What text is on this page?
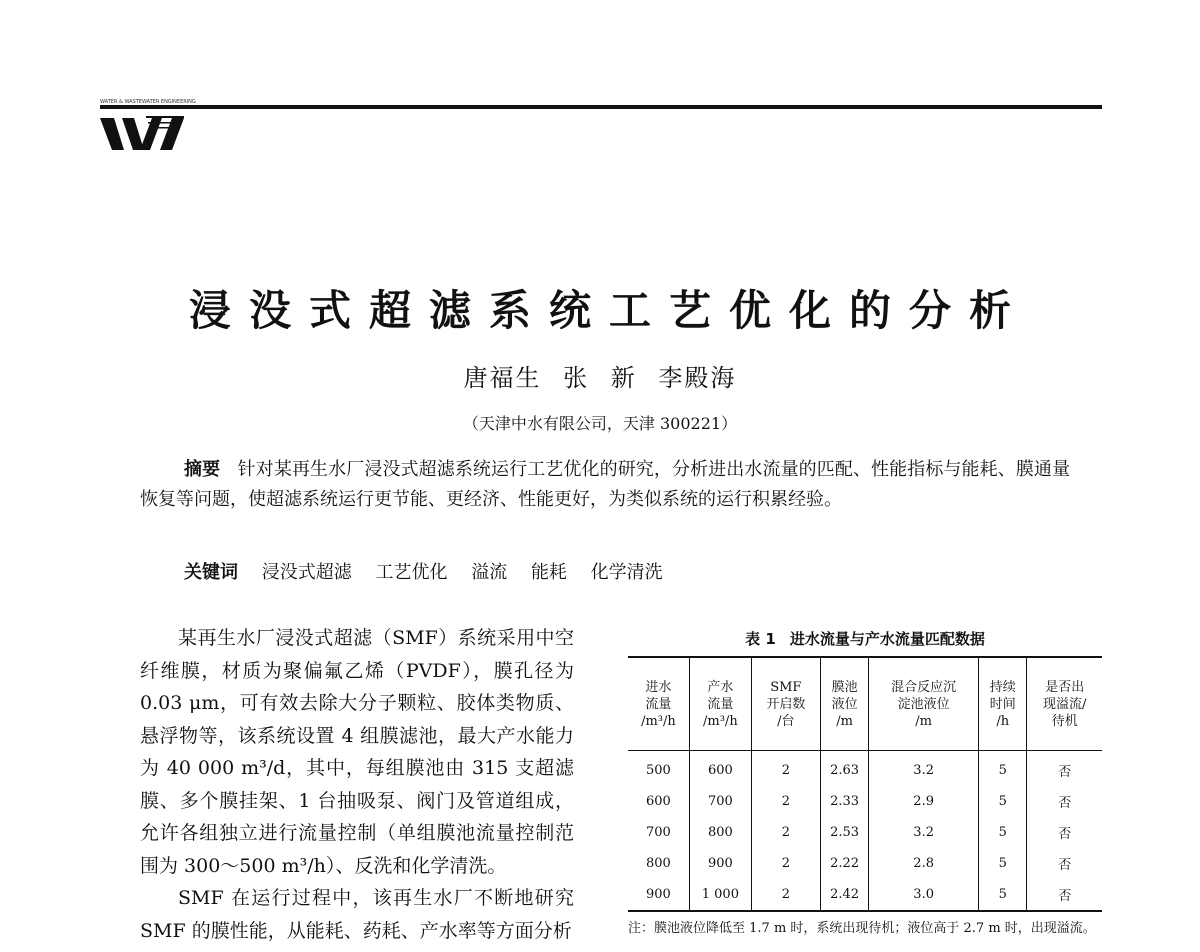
WATER & WASTEWATER ENGINEERING
浸没式超滤系统工艺优化的分析
唐福生 张 新 李殿海
（天津中水有限公司，天津 300221）
摘要 针对某再生水厂浸没式超滤系统运行工艺优化的研究，分析进出水流量的匹配、性能指标与能耗、膜通量恢复等问题，使超滤系统运行更节能、更经济、性能更好，为类似系统的运行积累经验。
关键词 浸没式超滤 工艺优化 溢流 能耗 化学清洗

某再生水厂浸没式超滤（SMF）系统采用中空纤维膜，材质为聚偏氟乙烯（PVDF），膜孔径为 0.03 μm，可有效去除大分子颗粒、胶体类物质、悬浮物等，该系统设置 4 组膜滤池，最大产水能力为 40 000 m³/d，其中，每组膜池由 315 支超滤膜、多个膜挂架、1 台抽吸泵、阀门及管道组成，允许各组独立进行流量控制（单组膜池流量控制范围为 300～500 m³/h）、反洗和化学清洗。

SMF 在运行过程中，该再生水厂不断地研究 SMF 的膜性能，从能耗、药耗、产水率等方面分析

表 1 进水流量与产水流量匹配数据
进水
流量
/m³/h	产水
流量
/m³/h	SMF
开启数
/台	膜池
液位
/m	混合反应沉
淀池液位
/m	持续
时间
/h	是否出
现溢流/
待机
500	600	2	2.63	3.2	5	否
600	700	2	2.33	2.9	5	否
700	800	2	2.53	3.2	5	否
800	900	2	2.22	2.8	5	否
900	1 000	2	2.42	3.0	5	否
注：膜池液位降低至 1.7 m 时，系统出现待机；液位高于 2.7 m 时，出现溢流。
